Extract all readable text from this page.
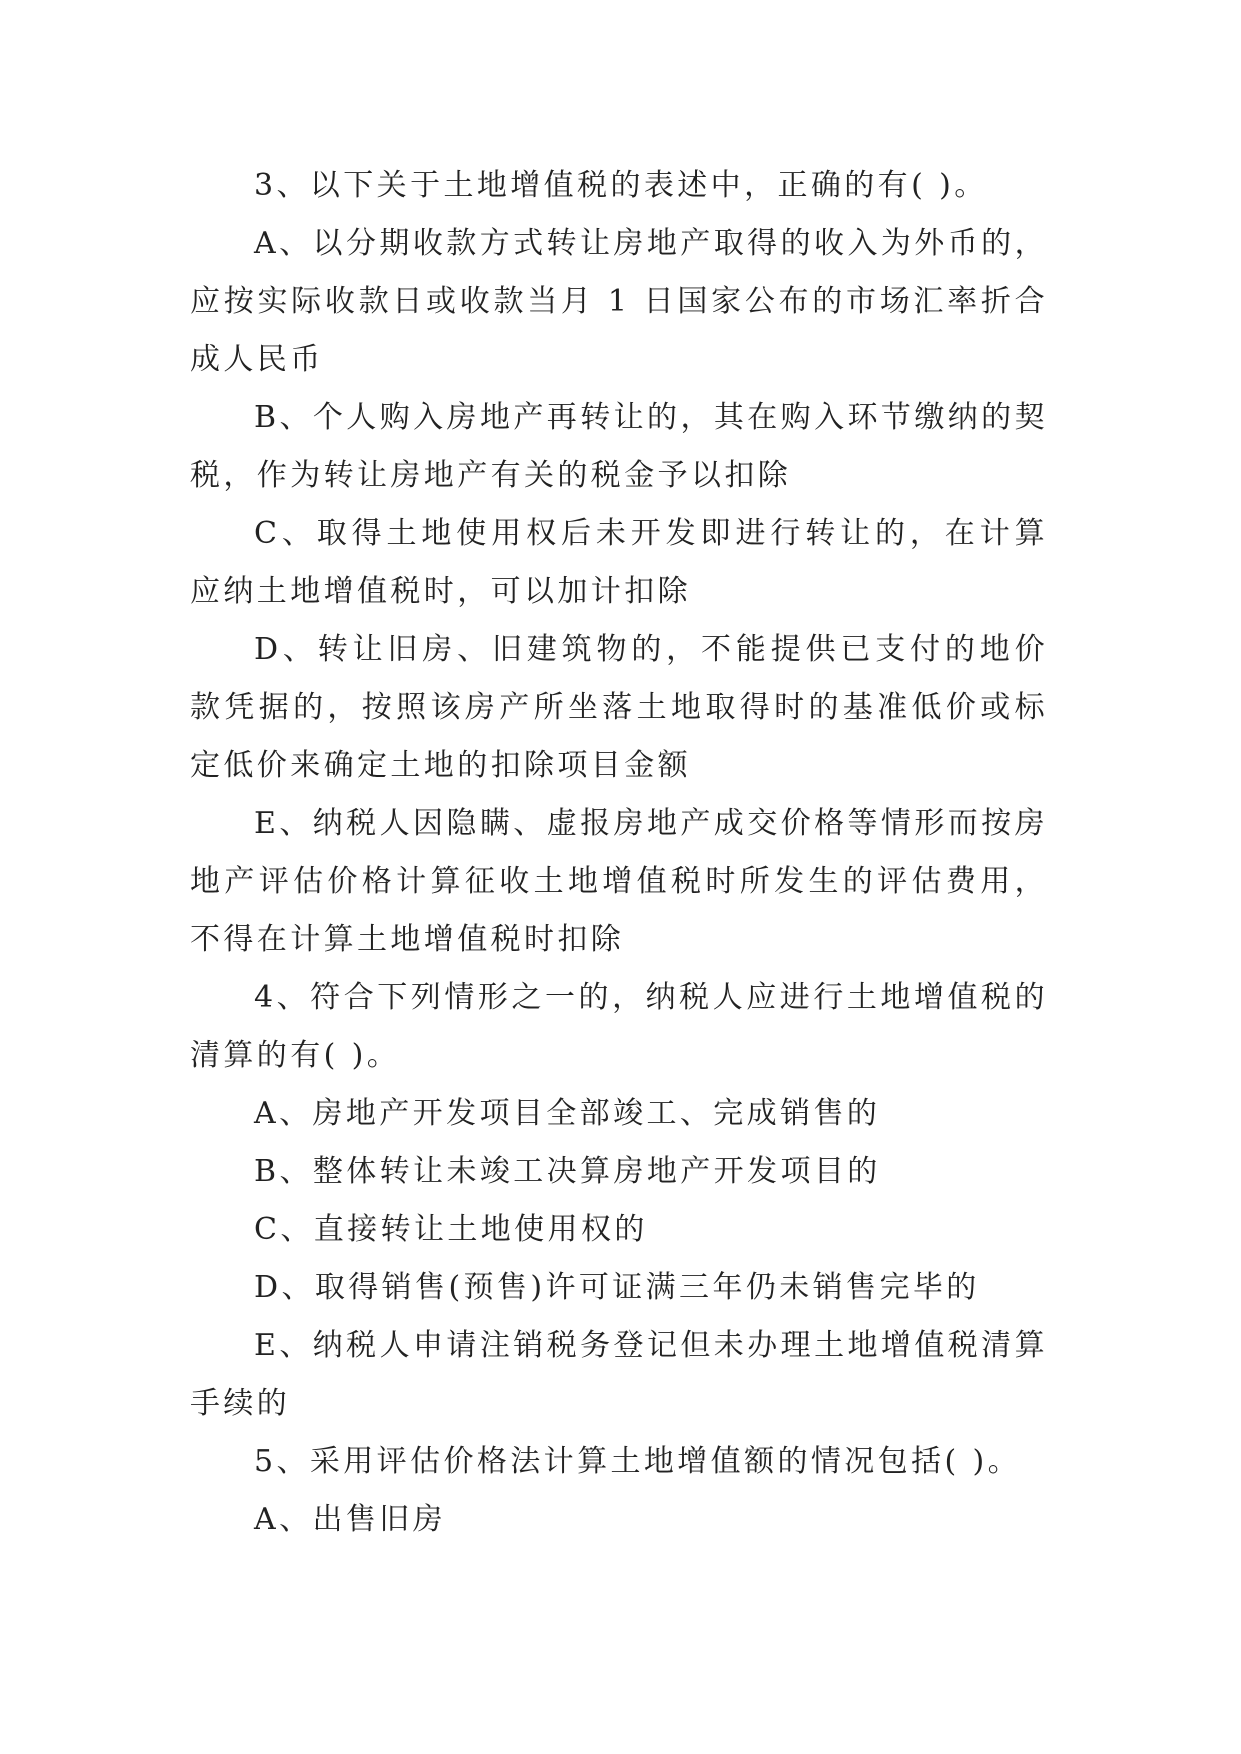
3、以下关于土地增值税的表述中，正确的有( )。

A、以分期收款方式转让房地产取得的收入为外币的，应按实际收款日或收款当月 1 日国家公布的市场汇率折合成人民币

B、个人购入房地产再转让的，其在购入环节缴纳的契税，作为转让房地产有关的税金予以扣除

C、取得土地使用权后未开发即进行转让的，在计算应纳土地增值税时，可以加计扣除

D、转让旧房、旧建筑物的，不能提供已支付的地价款凭据的，按照该房产所坐落土地取得时的基准低价或标定低价来确定土地的扣除项目金额

E、纳税人因隐瞒、虚报房地产成交价格等情形而按房地产评估价格计算征收土地增值税时所发生的评估费用，不得在计算土地增值税时扣除

4、符合下列情形之一的，纳税人应进行土地增值税的清算的有( )。

A、房地产开发项目全部竣工、完成销售的

B、整体转让未竣工决算房地产开发项目的

C、直接转让土地使用权的

D、取得销售(预售)许可证满三年仍未销售完毕的

E、纳税人申请注销税务登记但未办理土地增值税清算手续的

5、采用评估价格法计算土地增值额的情况包括( )。

A、出售旧房
